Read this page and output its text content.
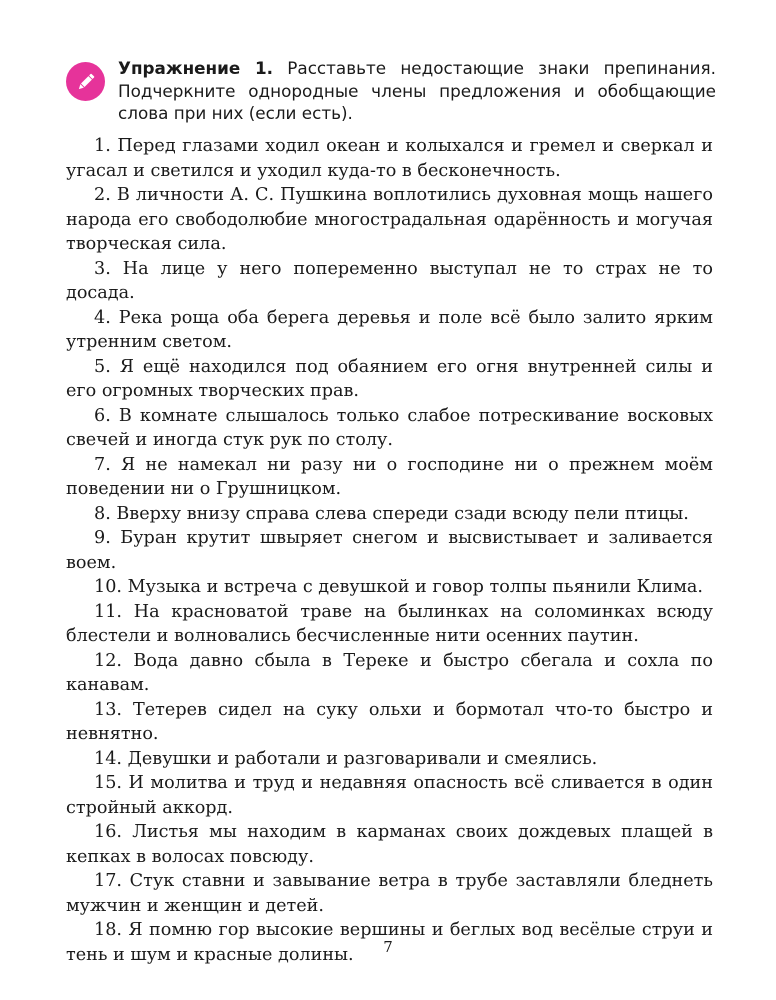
Упражнение 1. Расставьте недостающие знаки препинания. Подчеркните однородные члены предложения и обобщающие слова при них (если есть).
1. Перед глазами ходил океан и колыхался и гремел и сверкал и угасал и светился и уходил куда-то в бесконечность.
2. В личности А. С. Пушкина воплотились духовная мощь нашего народа его свободолюбие многострадальная одарённость и могучая творческая сила.
3. На лице у него попеременно выступал не то страх не то досада.
4. Река роща оба берега деревья и поле всё было залито ярким утренним светом.
5. Я ещё находился под обаянием его огня внутренней силы и его огромных творческих прав.
6. В комнате слышалось только слабое потрескивание восковых свечей и иногда стук рук по столу.
7. Я не намекал ни разу ни о господине ни о прежнем моём поведении ни о Грушницком.
8. Вверху внизу справа слева спереди сзади всюду пели птицы.
9. Буран крутит швыряет снегом и высвистывает и заливается воем.
10. Музыка и встреча с девушкой и говор толпы пьянили Клима.
11. На красноватой траве на былинках на соломинках всюду блестели и волновались бесчисленные нити осенних паутин.
12. Вода давно сбыла в Тереке и быстро сбегала и сохла по канавам.
13. Тетерев сидел на суку ольхи и бормотал что-то быстро и невнятно.
14. Девушки и работали и разговаривали и смеялись.
15. И молитва и труд и недавняя опасность всё сливается в один стройный аккорд.
16. Листья мы находим в карманах своих дождевых плащей в кепках в волосах повсюду.
17. Стук ставни и завывание ветра в трубе заставляли бледнеть мужчин и женщин и детей.
18. Я помню гор высокие вершины и беглых вод весёлые струи и тень и шум и красные долины.	7
